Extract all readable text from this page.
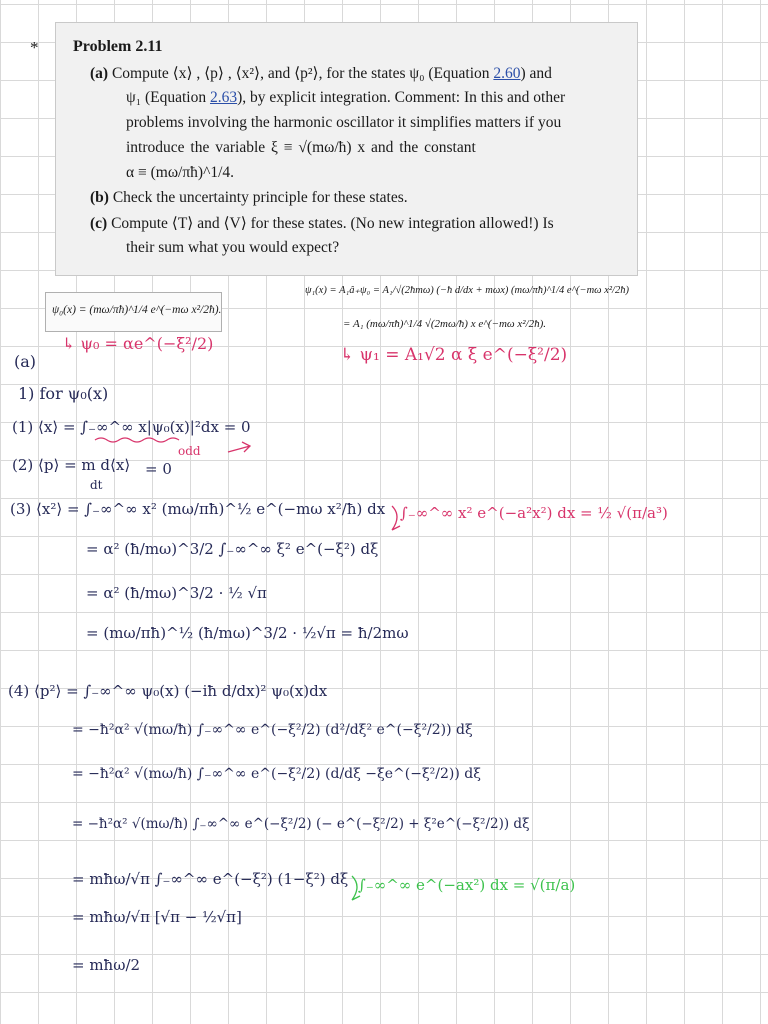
* Problem 2.11
(a) Compute ⟨x⟩ , ⟨p⟩ , ⟨x²⟩, and ⟨p²⟩, for the states ψ₀ (Equation 2.60) and
ψ₁ (Equation 2.63), by explicit integration. Comment: In this and other
problems involving the harmonic oscillator it simplifies matters if you
introduce the variable ξ ≡ √(mω/ħ) x and the constant
α ≡ (mω/πħ)^1/4.
(b) Check the uncertainty principle for these states.
(c) Compute ⟨T⟩ and ⟨V⟩ for these states. (No new integration allowed!) Is
their sum what you would expect?
ψ₀(x) = (mω/πħ)^1/4 e^(−mω x²/2ħ).
ψ₁(x) = A₁â₊ψ₀ = A₁/√(2ħmω) (−ħ d/dx + mωx) (mω/πħ)^1/4 e^(−mω x²/2ħ)
= A₁ (mω/πħ)^1/4 √(2mω/ħ) x e^(−mω x²/2ħ).
↳ ψ₀ = αe^(−ξ²/2)
↳ ψ₁ = A₁√2 α ξ e^(−ξ²/2)
(a)
1) for ψ₀(x)
(1) ⟨x⟩ = ∫₋∞^∞ x|ψ₀(x)|²dx = 0
odd
(2) ⟨p⟩ = m d⟨x⟩ = 0
dt
(3) ⟨x²⟩ = ∫₋∞^∞ x² (mω/πħ)^½ e^(−mω x²/ħ) dx
= α² (ħ/mω)^3/2 ∫₋∞^∞ ξ² e^(−ξ²) dξ
= α² (ħ/mω)^3/2 · ½ √π
= (mω/πħ)^½ (ħ/mω)^3/2 · ½√π = ħ/2mω
∫₋∞^∞ x² e^(−a²x²) dx = ½ √(π/a³)
(4) ⟨p²⟩ = ∫₋∞^∞ ψ₀(x) (−iħ d/dx)² ψ₀(x)dx
= −ħ²α² √(mω/ħ) ∫₋∞^∞ e^(−ξ²/2) (d²/dξ² e^(−ξ²/2)) dξ
= −ħ²α² √(mω/ħ) ∫₋∞^∞ e^(−ξ²/2) (d/dξ −ξe^(−ξ²/2)) dξ
= −ħ²α² √(mω/ħ) ∫₋∞^∞ e^(−ξ²/2) (− e^(−ξ²/2) + ξ²e^(−ξ²/2)) dξ
= mħω/√π ∫₋∞^∞ e^(−ξ²) (1−ξ²) dξ
= mħω/√π [√π − ½√π]
= mħω/2
∫₋∞^∞ e^(−ax²) dx = √(π/a)
